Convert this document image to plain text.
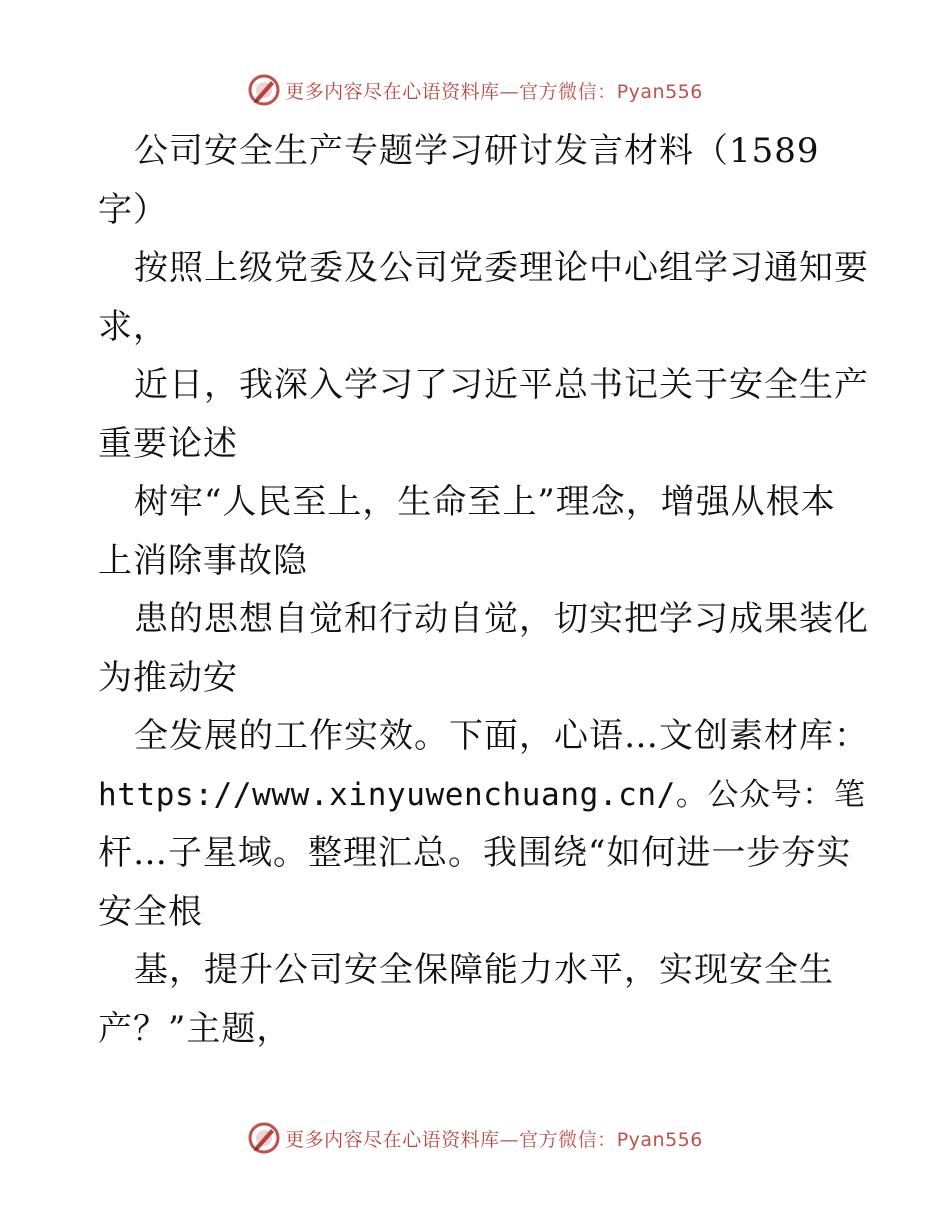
更多内容尽在心语资料库—官方微信：Pyan556
公司安全生产专题学习研讨发言材料（1589
字）
按照上级党委及公司党委理论中心组学习通知要
求，
近日，我深入学习了习近平总书记关于安全生产
重要论述
树牢“人民至上，生命至上”理念，增强从根本
上消除事故隐
患的思想自觉和行动自觉，切实把学习成果装化
为推动安
全发展的工作实效。下面，心语…文创素材库：
https://www.xinyuwenchuang.cn/。公众号：笔
杆…子星域。整理汇总。我围绕“如何进一步夯实
安全根
基，提升公司安全保障能力水平，实现安全生
产？”主题，
更多内容尽在心语资料库—官方微信：Pyan556
